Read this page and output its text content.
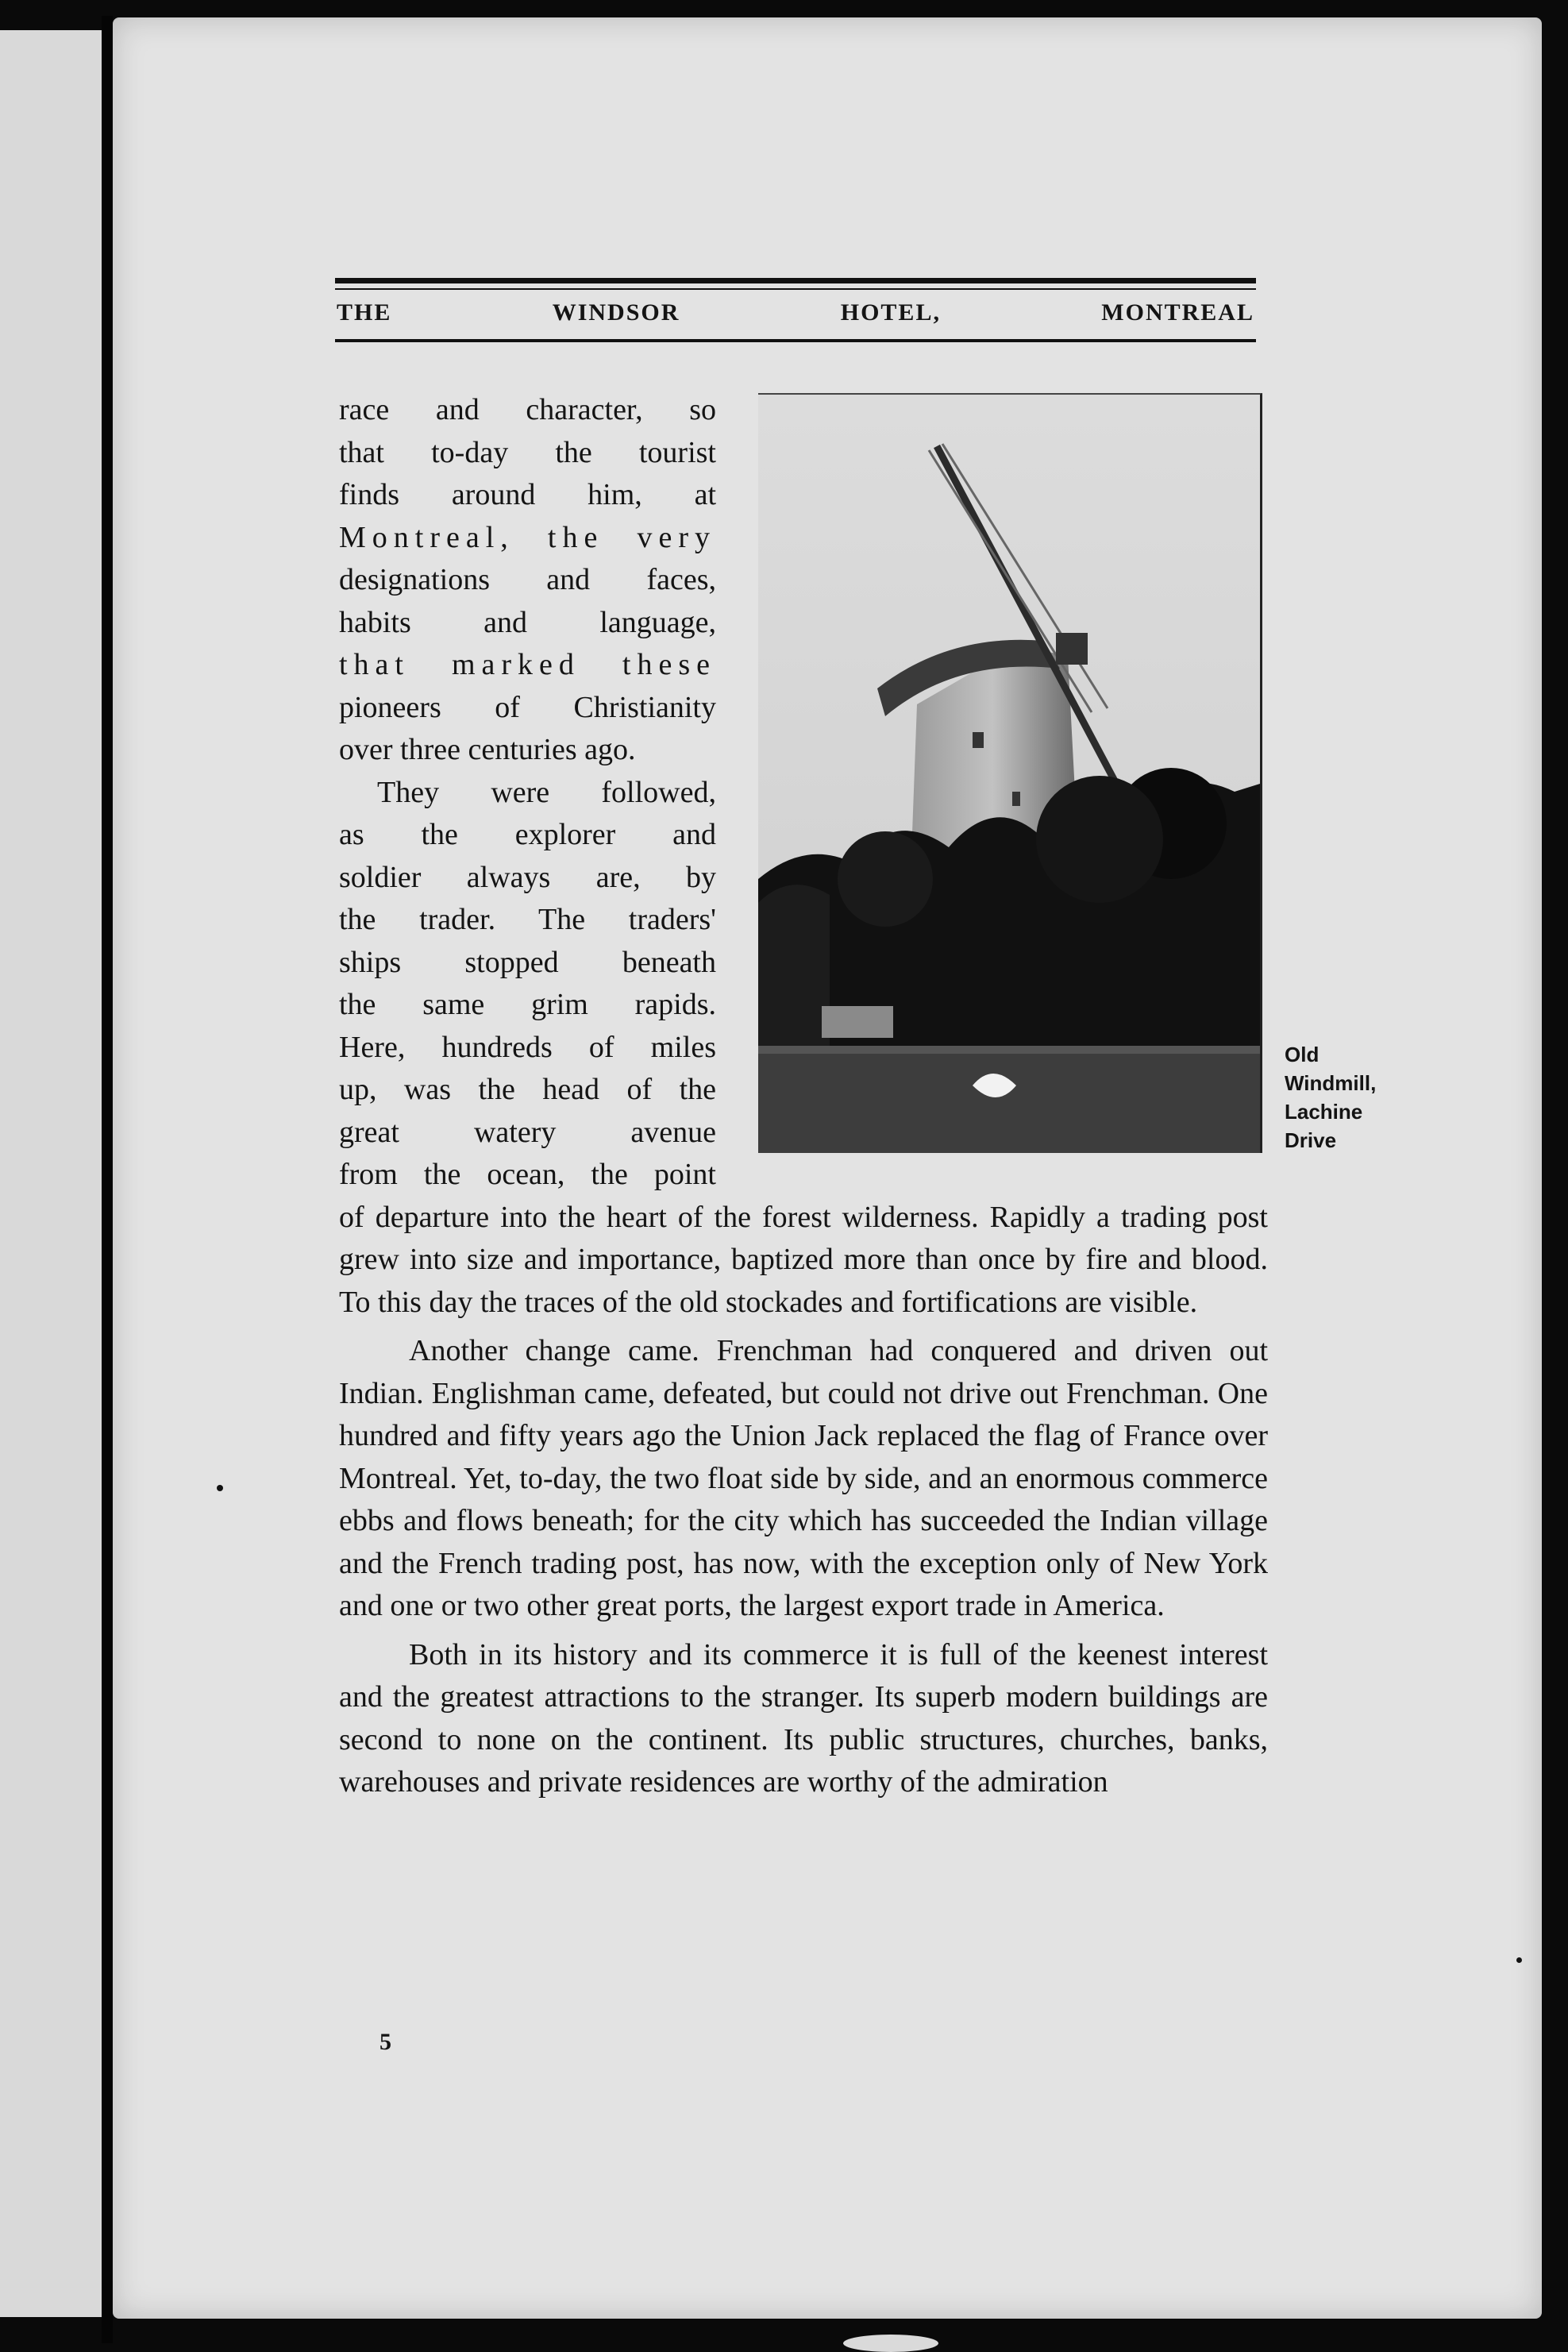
THE	WINDSOR	HOTEL,	MONTREAL
race and character, so
that to-day the tourist
finds around him, at
Montreal, the very
designations and faces,
habits and language,
that marked these
pioneers of Christianity
over three centuries ago.
They were followed,
as the explorer and
soldier always are, by
the trader. The traders'
ships stopped beneath
the same grim rapids.
Here, hundreds of miles
up, was the head of the
great watery avenue
from the ocean, the point
of departure into the heart of the forest wilderness. Rapidly a trading post grew into size and importance, baptized more than once by fire and blood. To this day the traces of the old stockades and fortifications are visible.
Another change came. Frenchman had conquered and driven out Indian. Englishman came, defeated, but could not drive out Frenchman. One hundred and fifty years ago the Union Jack replaced the flag of France over Montreal. Yet, to-day, the two float side by side, and an enormous commerce ebbs and flows beneath; for the city which has succeeded the Indian village and the French trading post, has now, with the exception only of New York and one or two other great ports, the largest export trade in America.
Both in its history and its commerce it is full of the keenest interest and the greatest attractions to the stranger. Its superb modern buildings are second to none on the continent. Its public structures, churches, banks, warehouses and private residences are worthy of the admiration
Old
Windmill,
Lachine
Drive
5
